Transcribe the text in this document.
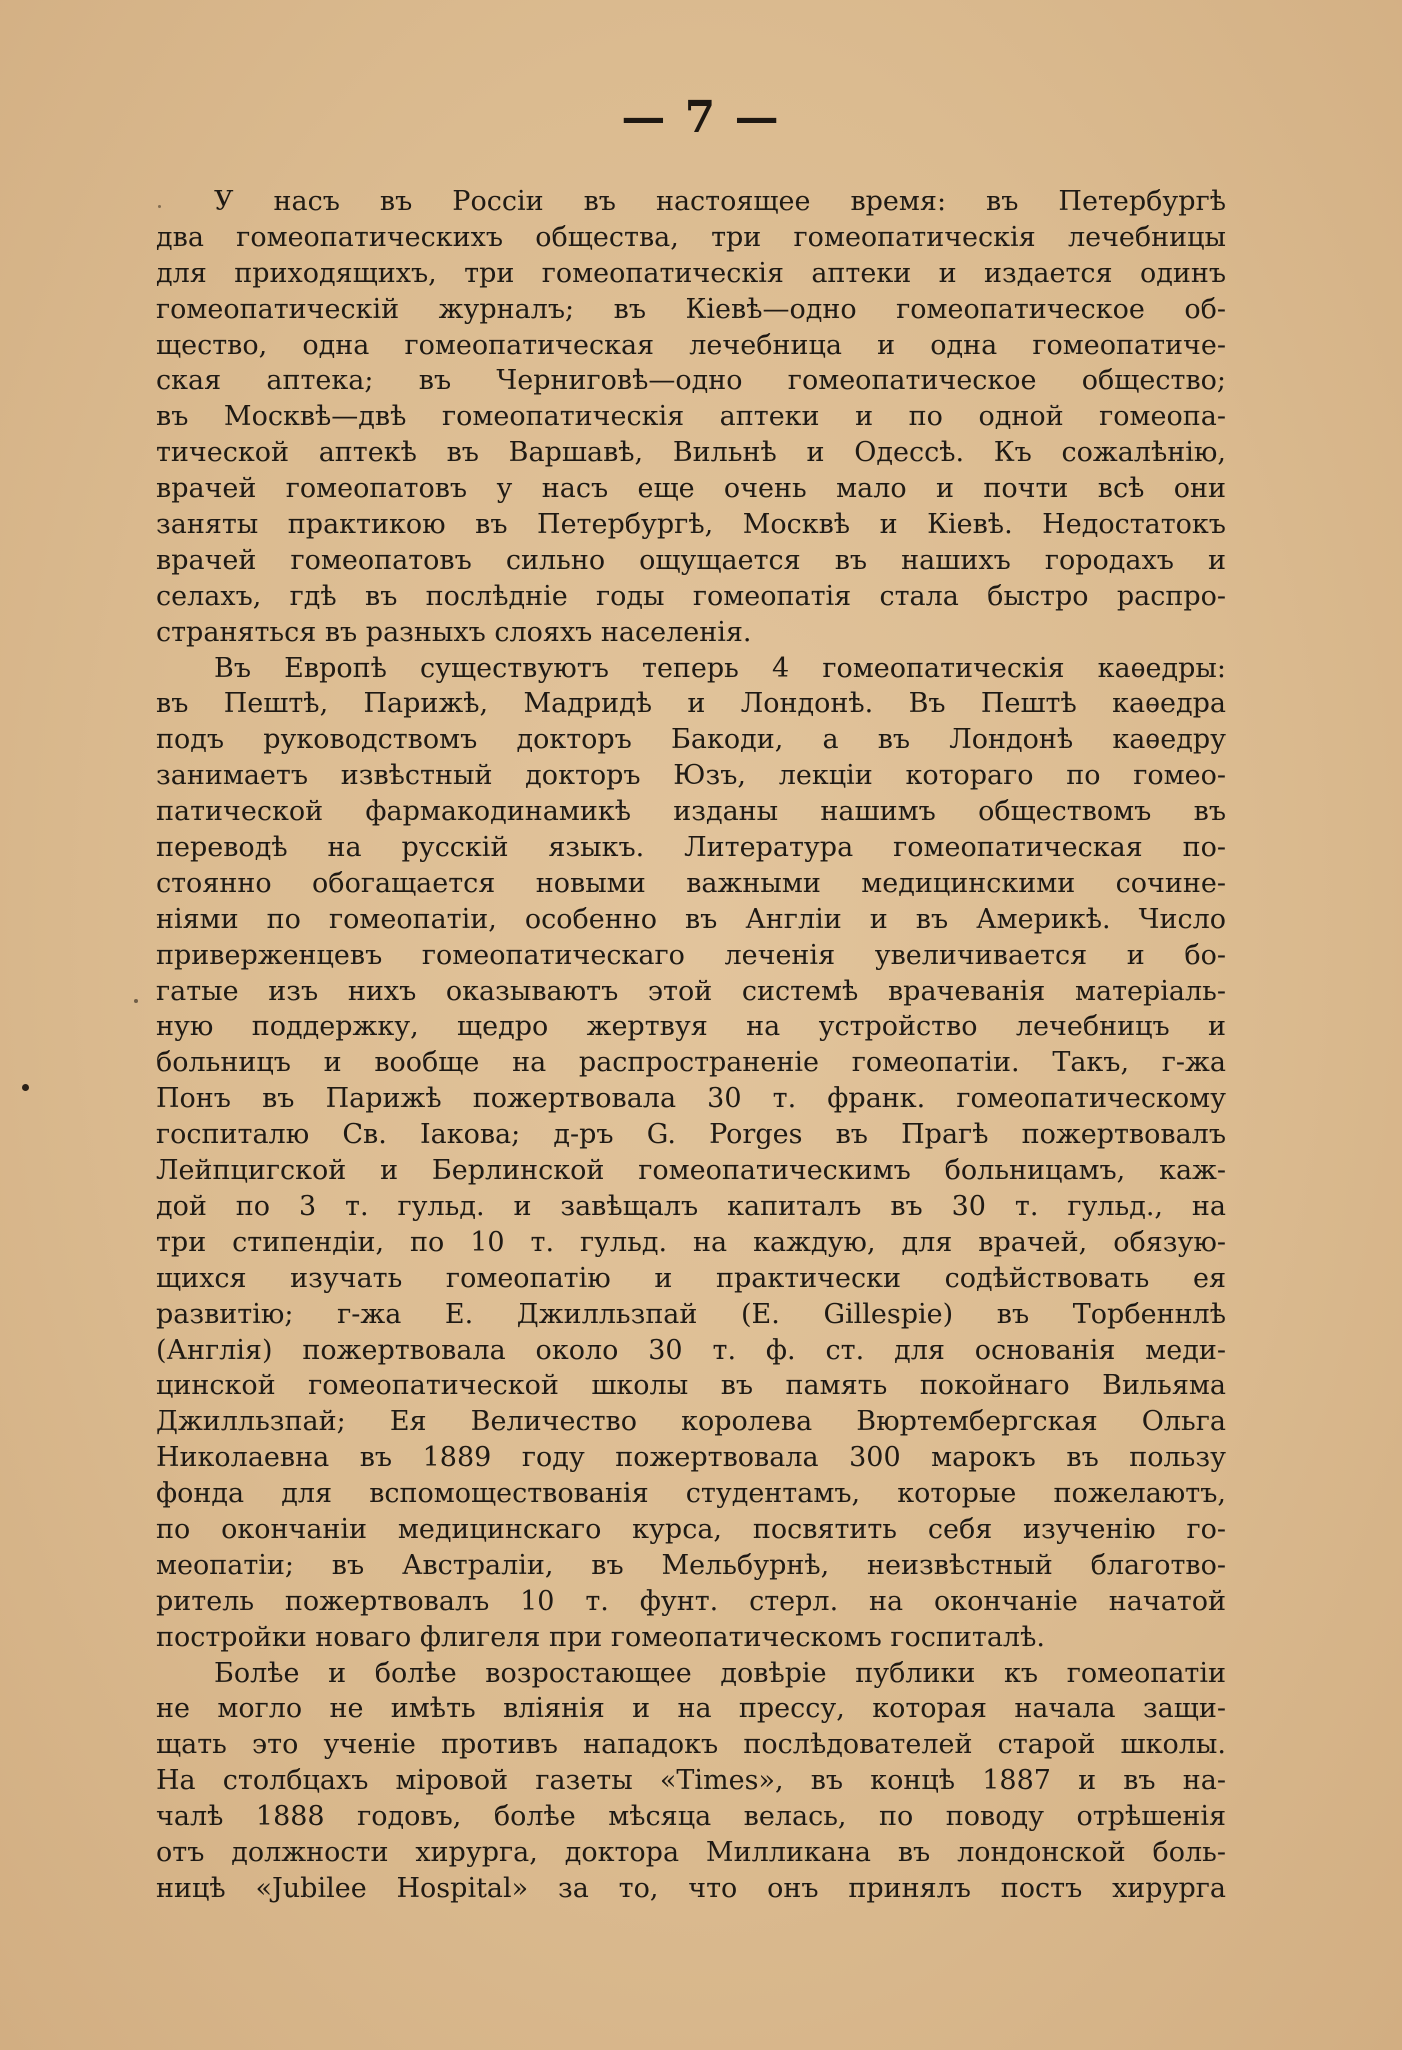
— 7 —
У насъ въ Россіи въ настоящее время: въ Петербургѣ
два гомеопатическихъ общества, три гомеопатическія лечебницы
для приходящихъ, три гомеопатическія аптеки и издается одинъ
гомеопатическій журналъ; въ Кіевѣ—одно гомеопатическое об-
щество, одна гомеопатическая лечебница и одна гомеопатиче-
ская аптека; въ Черниговѣ—одно гомеопатическое общество;
въ Москвѣ—двѣ гомеопатическія аптеки и по одной гомеопа-
тической аптекѣ въ Варшавѣ, Вильнѣ и Одессѣ. Къ сожалѣнію,
врачей гомеопатовъ у насъ еще очень мало и почти всѣ они
заняты практикою въ Петербургѣ, Москвѣ и Кіевѣ. Недостатокъ
врачей гомеопатовъ сильно ощущается въ нашихъ городахъ и
селахъ, гдѣ въ послѣдніе годы гомеопатія стала быстро распро-
страняться въ разныхъ слояхъ населенія.
Въ Европѣ существуютъ теперь 4 гомеопатическія каѳедры:
въ Пештѣ, Парижѣ, Мадридѣ и Лондонѣ. Въ Пештѣ каѳедра
подъ руководствомъ докторъ Бакоди, а въ Лондонѣ каѳедру
занимаетъ извѣстный докторъ Юзъ, лекціи котораго по гомео-
патической фармакодинамикѣ изданы нашимъ обществомъ въ
переводѣ на русскій языкъ. Литература гомеопатическая по-
стоянно обогащается новыми важными медицинскими сочине-
ніями по гомеопатіи, особенно въ Англіи и въ Америкѣ. Число
приверженцевъ гомеопатическаго леченія увеличивается и бо-
гатые изъ нихъ оказываютъ этой системѣ врачеванія матеріаль-
ную поддержку, щедро жертвуя на устройство лечебницъ и
больницъ и вообще на распространеніе гомеопатіи. Такъ, г-жа
Понъ въ Парижѣ пожертвовала 30 т. франк. гомеопатическому
госпиталю Св. Іакова; д-ръ G. Porges въ Прагѣ пожертвовалъ
Лейпцигской и Берлинской гомеопатическимъ больницамъ, каж-
дой по 3 т. гульд. и завѣщалъ капиталъ въ 30 т. гульд., на
три стипендіи, по 10 т. гульд. на каждую, для врачей, обязую-
щихся изучать гомеопатію и практически содѣйствовать ея
развитію; г-жа Е. Джилльзпай (E. Gillespie) въ Торбеннлѣ
(Англія) пожертвовала около 30 т. ф. ст. для основанія меди-
цинской гомеопатической школы въ память покойнаго Вильяма
Джилльзпай; Ея Величество королева Вюртембергская Ольга
Николаевна въ 1889 году пожертвовала 300 марокъ въ пользу
фонда для вспомоществованія студентамъ, которые пожелаютъ,
по окончаніи медицинскаго курса, посвятить себя изученію го-
меопатіи; въ Австраліи, въ Мельбурнѣ, неизвѣстный благотво-
ритель пожертвовалъ 10 т. фунт. стерл. на окончаніе начатой
постройки новаго флигеля при гомеопатическомъ госпиталѣ.
Болѣе и болѣе возростающее довѣріе публики къ гомеопатіи
не могло не имѣть вліянія и на прессу, которая начала защи-
щать это ученіе противъ нападокъ послѣдователей старой школы.
На столбцахъ міровой газеты «Times», въ концѣ 1887 и въ на-
чалѣ 1888 годовъ, болѣе мѣсяца велась, по поводу отрѣшенія
отъ должности хирурга, доктора Милликана въ лондонской боль-
ницѣ «Jubilee Hospital» за то, что онъ принялъ постъ хирурга
